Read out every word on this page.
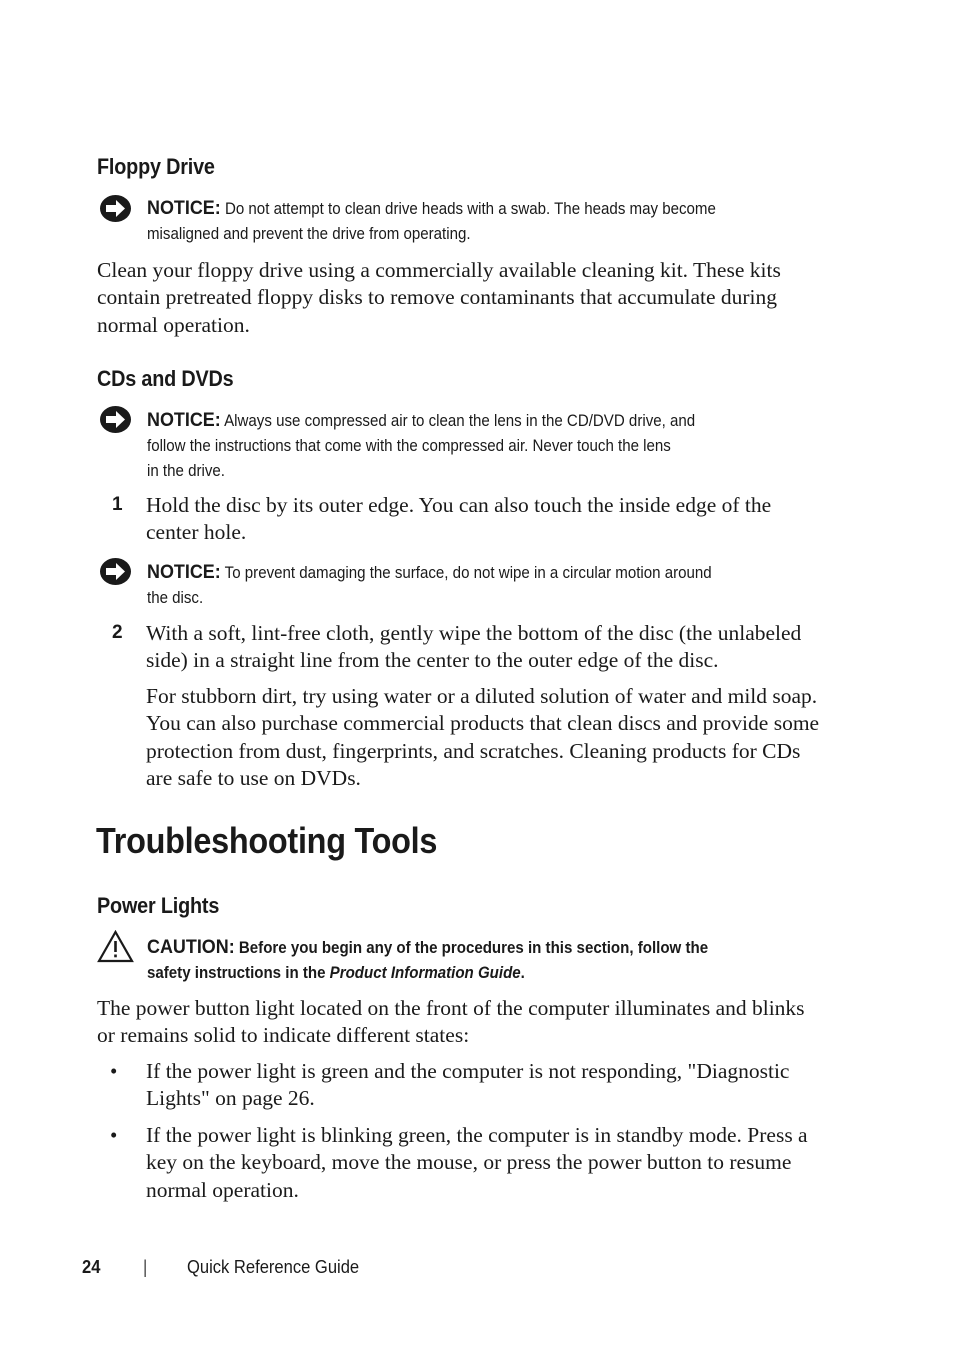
Floppy Drive
NOTICE: Do not attempt to clean drive heads with a swab. The heads may become
misaligned and prevent the drive from operating.

Clean your floppy drive using a commercially available cleaning kit. These kits contain pretreated floppy disks to remove contaminants that accumulate during normal operation.

CDs and DVDs
NOTICE: Always use compressed air to clean the lens in the CD/DVD drive, and
follow the instructions that come with the compressed air. Never touch the lens
in the drive.
1 Hold the disc by its outer edge. You can also touch the inside edge of the center hole.

NOTICE: To prevent damaging the surface, do not wipe in a circular motion around
the disc.
2 With a soft, lint-free cloth, gently wipe the bottom of the disc (the unlabeled side) in a straight line from the center to the outer edge of the disc.

For stubborn dirt, try using water or a diluted solution of water and mild soap. You can also purchase commercial products that clean discs and provide some protection from dust, fingerprints, and scratches. Cleaning products for CDs are safe to use on DVDs.

Troubleshooting Tools
Power Lights
CAUTION: Before you begin any of the procedures in this section, follow the
safety instructions in the Product Information Guide.

The power button light located on the front of the computer illuminates and blinks or remains solid to indicate different states:

• If the power light is green and the computer is not responding, "Diagnostic Lights" on page 26.

• If the power light is blinking green, the computer is in standby mode. Press a key on the keyboard, move the mouse, or press the power button to resume normal operation.

24 | Quick Reference Guide
